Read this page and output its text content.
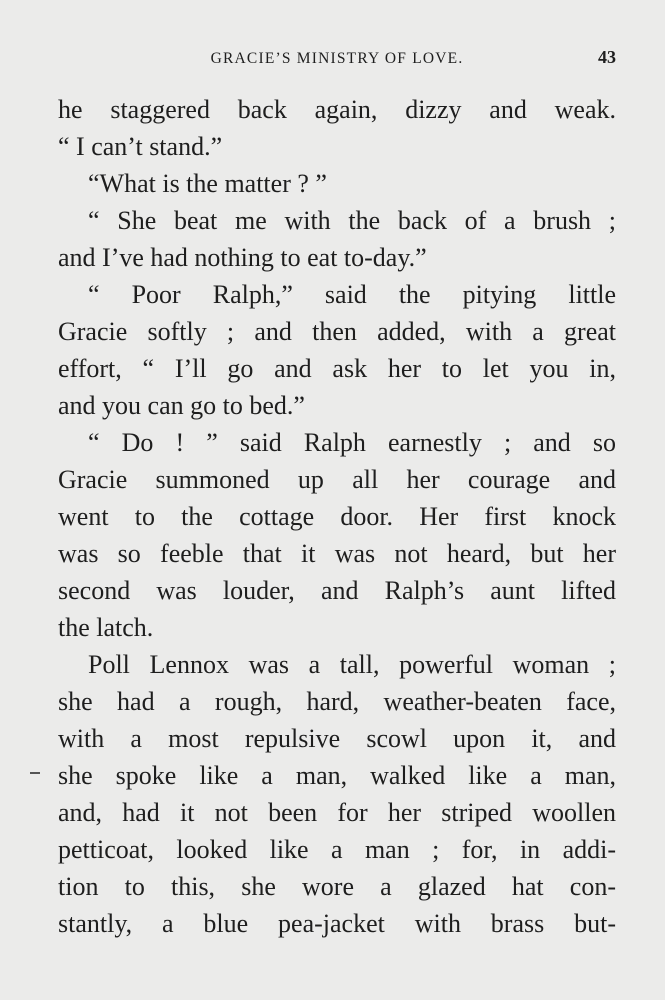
GRACIE’S MINISTRY OF LOVE.	43
he staggered back again, dizzy and weak.
“ I can’t stand.”
“What is the matter ? ”
“ She beat me with the back of a brush ;
and I’ve had nothing to eat to-day.”
“ Poor Ralph,” said the pitying little
Gracie softly ; and then added, with a great
effort, “ I’ll go and ask her to let you in,
and you can go to bed.”
“ Do ! ” said Ralph earnestly ; and so
Gracie summoned up all her courage and
went to the cottage door. Her first knock
was so feeble that it was not heard, but her
second was louder, and Ralph’s aunt lifted
the latch.
Poll Lennox was a tall, powerful woman ;
she had a rough, hard, weather-beaten face,
with a most repulsive scowl upon it, and
she spoke like a man, walked like a man,
and, had it not been for her striped woollen
petticoat, looked like a man ; for, in addi-
tion to this, she wore a glazed hat con-
stantly, a blue pea-jacket with brass but-
